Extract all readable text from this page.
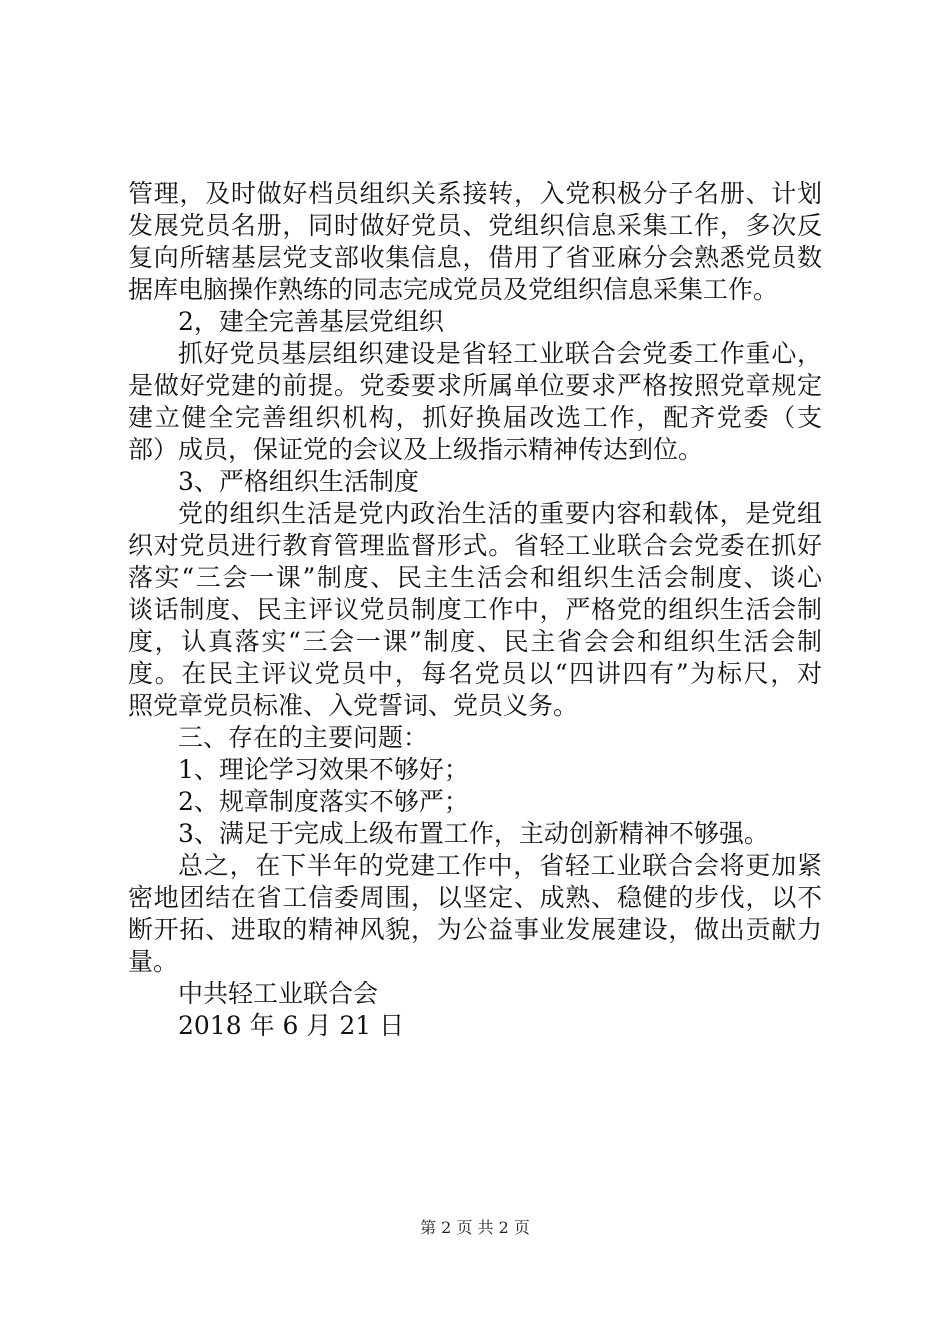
管理，及时做好档员组织关系接转，入党积极分子名册、计划
发展党员名册，同时做好党员、党组织信息采集工作，多次反
复向所辖基层党支部收集信息，借用了省亚麻分会熟悉党员数
据库电脑操作熟练的同志完成党员及党组织信息采集工作。
2，建全完善基层党组织
抓好党员基层组织建设是省轻工业联合会党委工作重心，
是做好党建的前提。党委要求所属单位要求严格按照党章规定
建立健全完善组织机构，抓好换届改选工作，配齐党委（支
部）成员，保证党的会议及上级指示精神传达到位。
3、严格组织生活制度
党的组织生活是党内政治生活的重要内容和载体，是党组
织对党员进行教育管理监督形式。省轻工业联合会党委在抓好
落实“三会一课”制度、民主生活会和组织生活会制度、谈心
谈话制度、民主评议党员制度工作中，严格党的组织生活会制
度，认真落实“三会一课”制度、民主省会会和组织生活会制
度。在民主评议党员中，每名党员以“四讲四有”为标尺，对
照党章党员标准、入党誓词、党员义务。
三、存在的主要问题：
1、理论学习效果不够好；
2、规章制度落实不够严；
3、满足于完成上级布置工作，主动创新精神不够强。
总之，在下半年的党建工作中，省轻工业联合会将更加紧
密地团结在省工信委周围，以坚定、成熟、稳健的步伐，以不
断开拓、进取的精神风貌，为公益事业发展建设，做出贡献力
量。
中共轻工业联合会
2018 年 6 月 21 日
第 2 页 共 2 页
